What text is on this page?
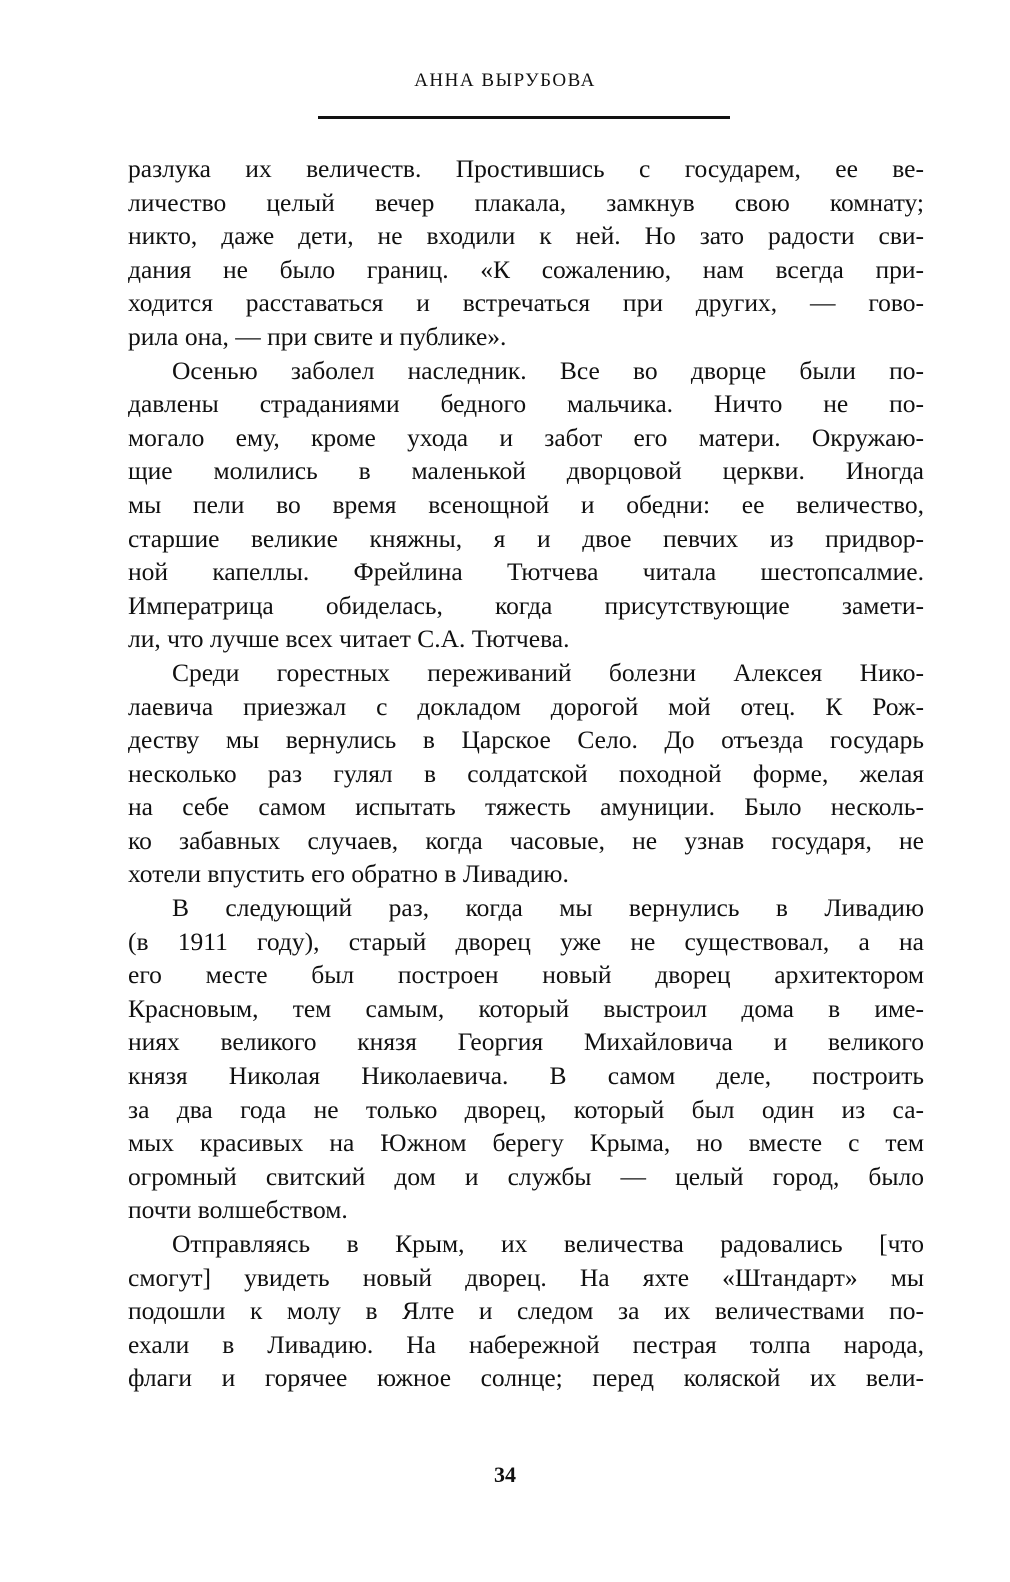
АННА ВЫРУБОВА
разлука их величеств. Простившись с государем, ее ве-
личество целый вечер плакала, замкнув свою комнату;
никто, даже дети, не входили к ней. Но зато радости сви-
дания не было границ. «К сожалению, нам всегда при-
ходится расставаться и встречаться при других, — гово-
рила она, — при свите и публике».
Осенью заболел наследник. Все во дворце были по-
давлены страданиями бедного мальчика. Ничто не по-
могало ему, кроме ухода и забот его матери. Окружаю-
щие молились в маленькой дворцовой церкви. Иногда
мы пели во время всенощной и обедни: ее величество,
старшие великие княжны, я и двое певчих из придвор-
ной капеллы. Фрейлина Тютчева читала шестопсалмие.
Императрица обиделась, когда присутствующие замети-
ли, что лучше всех читает С.А. Тютчева.
Среди горестных переживаний болезни Алексея Нико-
лаевича приезжал с докладом дорогой мой отец. К Рож-
деству мы вернулись в Царское Село. До отъезда государь
несколько раз гулял в солдатской походной форме, желая
на себе самом испытать тяжесть амуниции. Было несколь-
ко забавных случаев, когда часовые, не узнав государя, не
хотели впустить его обратно в Ливадию.
В следующий раз, когда мы вернулись в Ливадию
(в 1911 году), старый дворец уже не существовал, а на
его месте был построен новый дворец архитектором
Красновым, тем самым, который выстроил дома в име-
ниях великого князя Георгия Михайловича и великого
князя Николая Николаевича. В самом деле, построить
за два года не только дворец, который был один из са-
мых красивых на Южном берегу Крыма, но вместе с тем
огромный свитский дом и службы — целый город, было
почти волшебством.
Отправляясь в Крым, их величества радовались [что
смогут] увидеть новый дворец. На яхте «Штандарт» мы
подошли к молу в Ялте и следом за их величествами по-
ехали в Ливадию. На набережной пестрая толпа народа,
флаги и горячее южное солнце; перед коляской их вели-
34
